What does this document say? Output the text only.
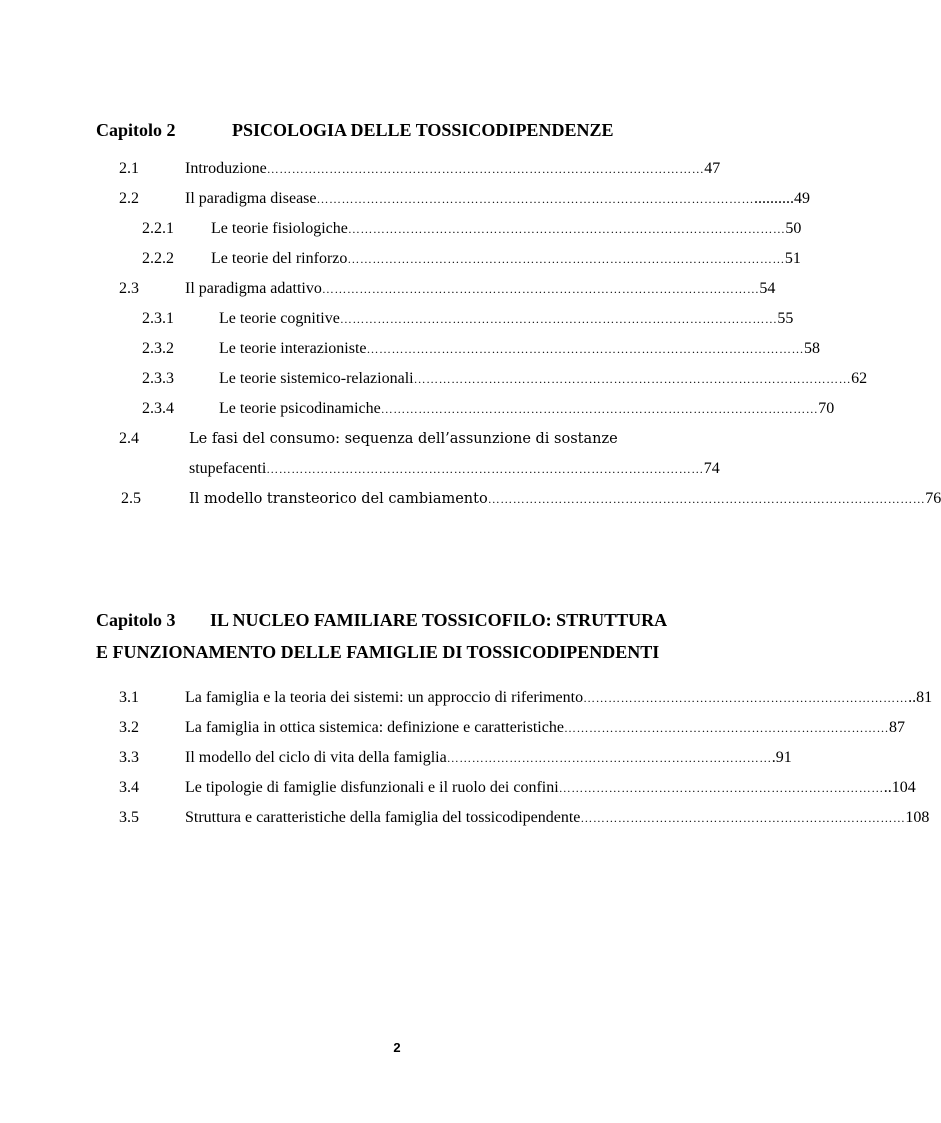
Capitolo 2	PSICOLOGIA DELLE TOSSICODIPENDENZE
2.1	Introduzione …………………………………………………………………………………………… 47
2.2	Il paradigma disease …………………………………………………………………………………………… ..........49
2.2.1 Le teorie fisiologiche …………………………………………………………………………………………… 50
2.2.2 Le teorie del rinforzo …………………………………………………………………………………………… 51
2.3	Il paradigma adattivo …………………………………………………………………………………………… 54
2.3.1	Le teorie cognitive …………………………………………………………………………………………… 55
2.3.2	Le teorie interazioniste …………………………………………………………………………………………… 58
2.3.3	Le teorie sistemico-relazionali …………………………………………………………………………………………… 62
2.3.4	Le teorie psicodinamiche …………………………………………………………………………………………… 70
2.4	Le fasi del consumo: sequenza dell’assunzione di sostanze
stupefacenti …………………………………………………………………………………………… 74
2.5	Il modello transteorico del cambiamento …………………………………………………………………………………………… 76
Capitolo 3 IL NUCLEO FAMILIARE TOSSICOFILO: STRUTTURA
E FUNZIONAMENTO DELLE FAMIGLIE DI TOSSICODIPENDENTI
3.1	La famiglia e la teoria dei sistemi: un approccio di riferimento …………………………………………………………………… ..81
3.2	La famiglia in ottica sistemica: definizione e caratteristiche …………………………………………………………………… 87
3.3	Il modello del ciclo di vita della famiglia …………………………………………………………………… .91
3.4	Le tipologie di famiglie disfunzionali e il ruolo dei confini …………………………………………………………………… ..104
3.5	Struttura e caratteristiche della famiglia del tossicodipendente …………………………………………………………………… 108
2
